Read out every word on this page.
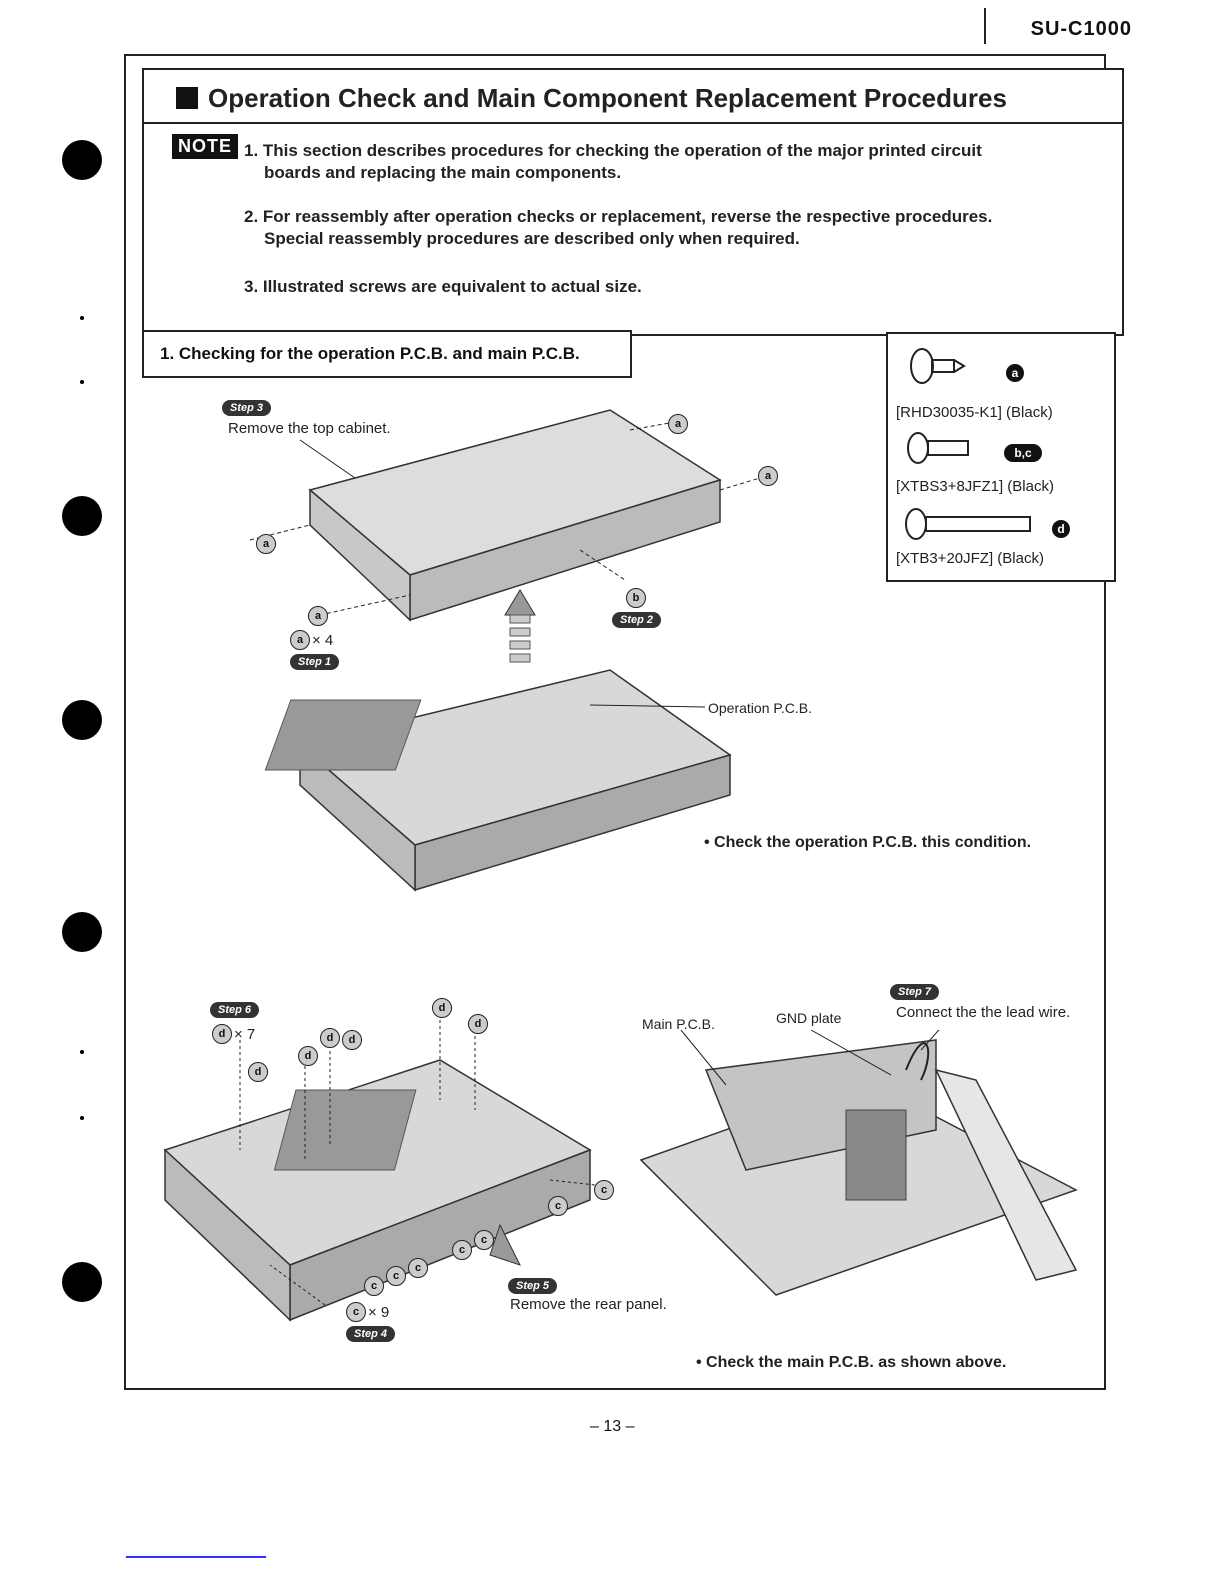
SU-C1000
Operation Check and Main Component Replacement Procedures
NOTE 1. This section describes procedures for checking the operation of the major printed circuit
boards and replacing the main components.
2. For reassembly after operation checks or replacement, reverse the respective procedures.
Special reassembly procedures are described only when required.
3. Illustrated screws are equivalent to actual size.
1. Checking for the operation P.C.B. and main P.C.B.
a
[RHD30035-K1] (Black)
b,c
[XTBS3+8JFZ1] (Black)
d
[XTB3+20JFZ] (Black)
Step 3
Remove the top cabinet.	a
a
a
a
b
a × 4
Step 1
Step 2
Operation P.C.B.
• Check the operation P.C.B. this condition.
Step 6
d × 7
d
d
d	d
d
d
c
c
c
c
c
c
c
c × 9
Step 4
Step 5
Remove the rear panel.
Step 7
Main P.C.B.	GND plate	Connect the the lead wire.
• Check the main P.C.B. as shown above.
– 13 –
